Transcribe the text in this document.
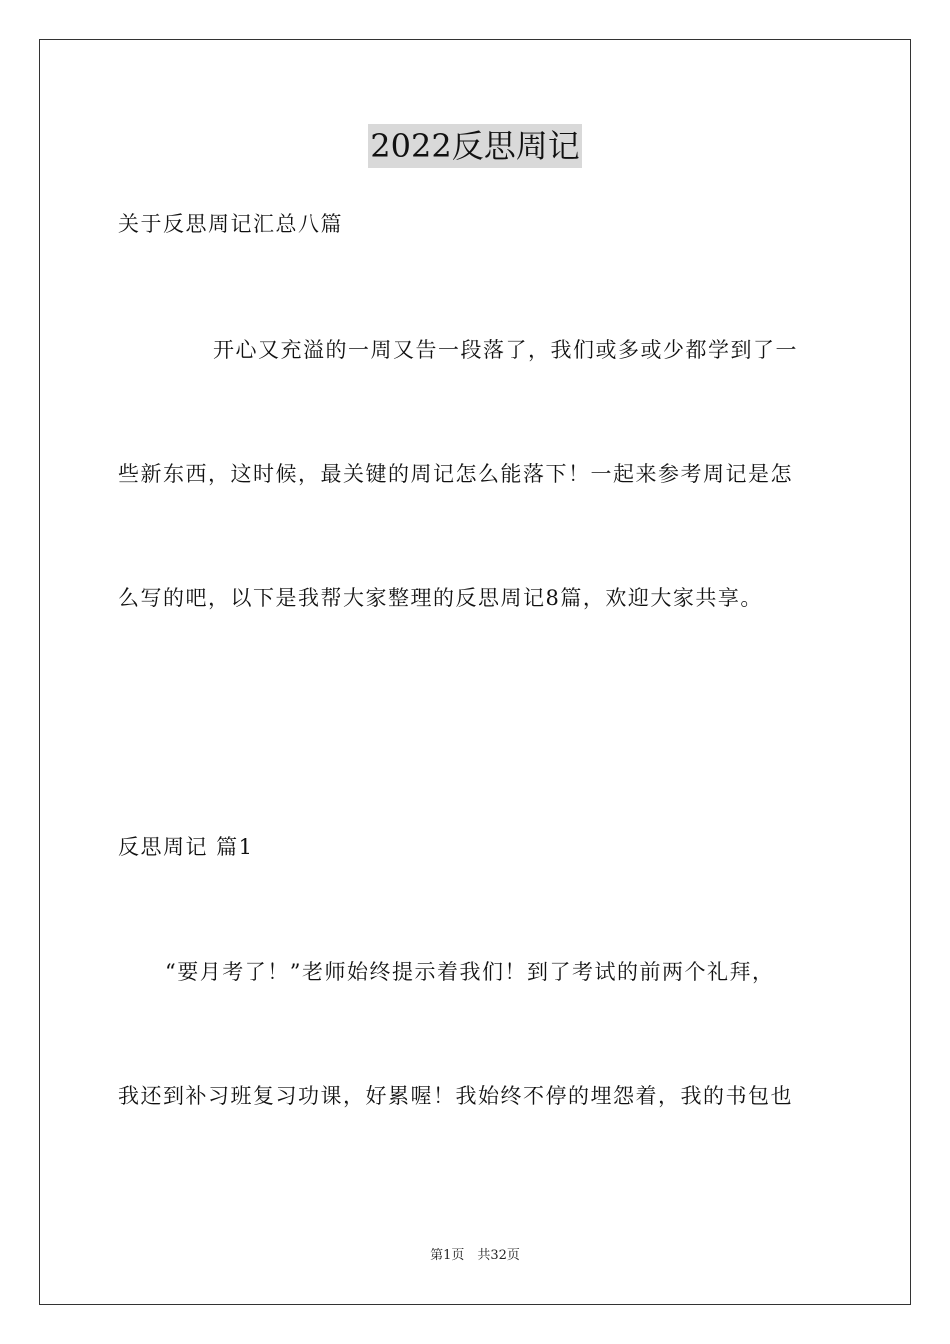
2022反思周记
关于反思周记汇总八篇
开心又充溢的一周又告一段落了，我们或多或少都学到了一
些新东西，这时候，最关键的周记怎么能落下！一起来参考周记是怎
么写的吧，以下是我帮大家整理的反思周记8篇，欢迎大家共享。
反思周记 篇1
“要月考了！”老师始终提示着我们！到了考试的前两个礼拜，
我还到补习班复习功课，好累喔！我始终不停的埋怨着，我的书包也
第1页　共32页
